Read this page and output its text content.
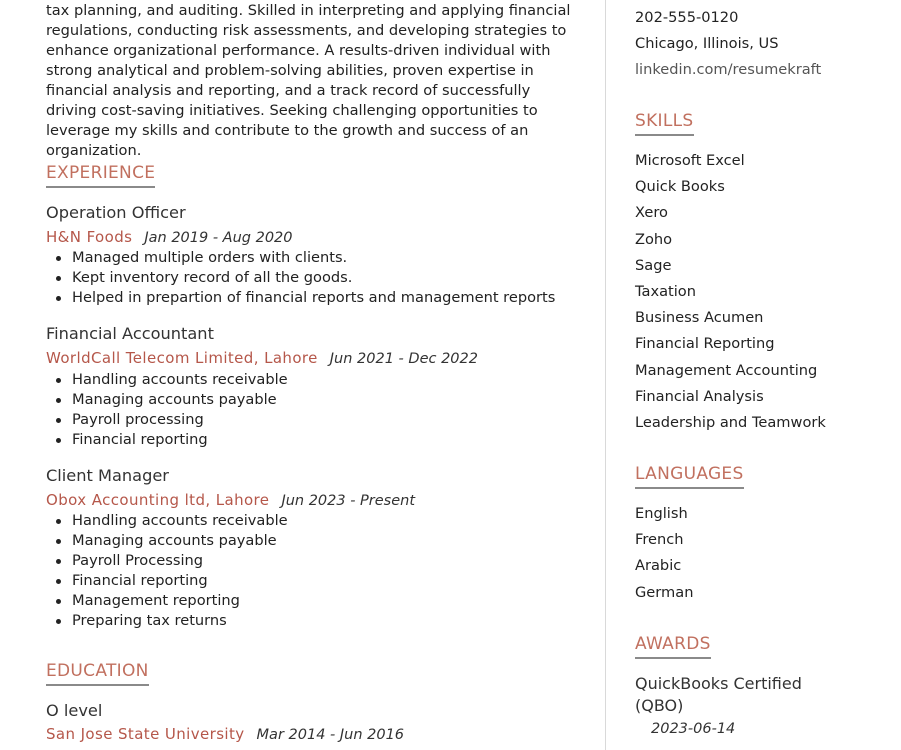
tax planning, and auditing. Skilled in interpreting and applying financial regulations, conducting risk assessments, and developing strategies to enhance organizational performance. A results-driven individual with strong analytical and problem-solving abilities, proven expertise in financial analysis and reporting, and a track record of successfully driving cost-saving initiatives. Seeking challenging opportunities to leverage my skills and contribute to the growth and success of an organization.

EXPERIENCE
Operation Officer
H&N Foods Jan 2019 - Aug 2020
Managed multiple orders with clients.
Kept inventory record of all the goods.
Helped in prepartion of financial reports and management reports
Financial Accountant
WorldCall Telecom Limited, Lahore Jun 2021 - Dec 2022
Handling accounts receivable
Managing accounts payable
Payroll processing
Financial reporting
Client Manager
Obox Accounting ltd, Lahore Jun 2023 - Present
Handling accounts receivable
Managing accounts payable
Payroll Processing
Financial reporting
Management reporting
Preparing tax returns
EDUCATION
O level
San Jose State University Mar 2014 - Jun 2016
202-555-0120
Chicago, Illinois, US
linkedin.com/resumekraft
SKILLS
Microsoft Excel
Quick Books
Xero
Zoho
Sage
Taxation
Business Acumen
Financial Reporting
Management Accounting
Financial Analysis
Leadership and Teamwork
LANGUAGES
English
French
Arabic
German
AWARDS
QuickBooks Certified (QBO)
2023-06-14
